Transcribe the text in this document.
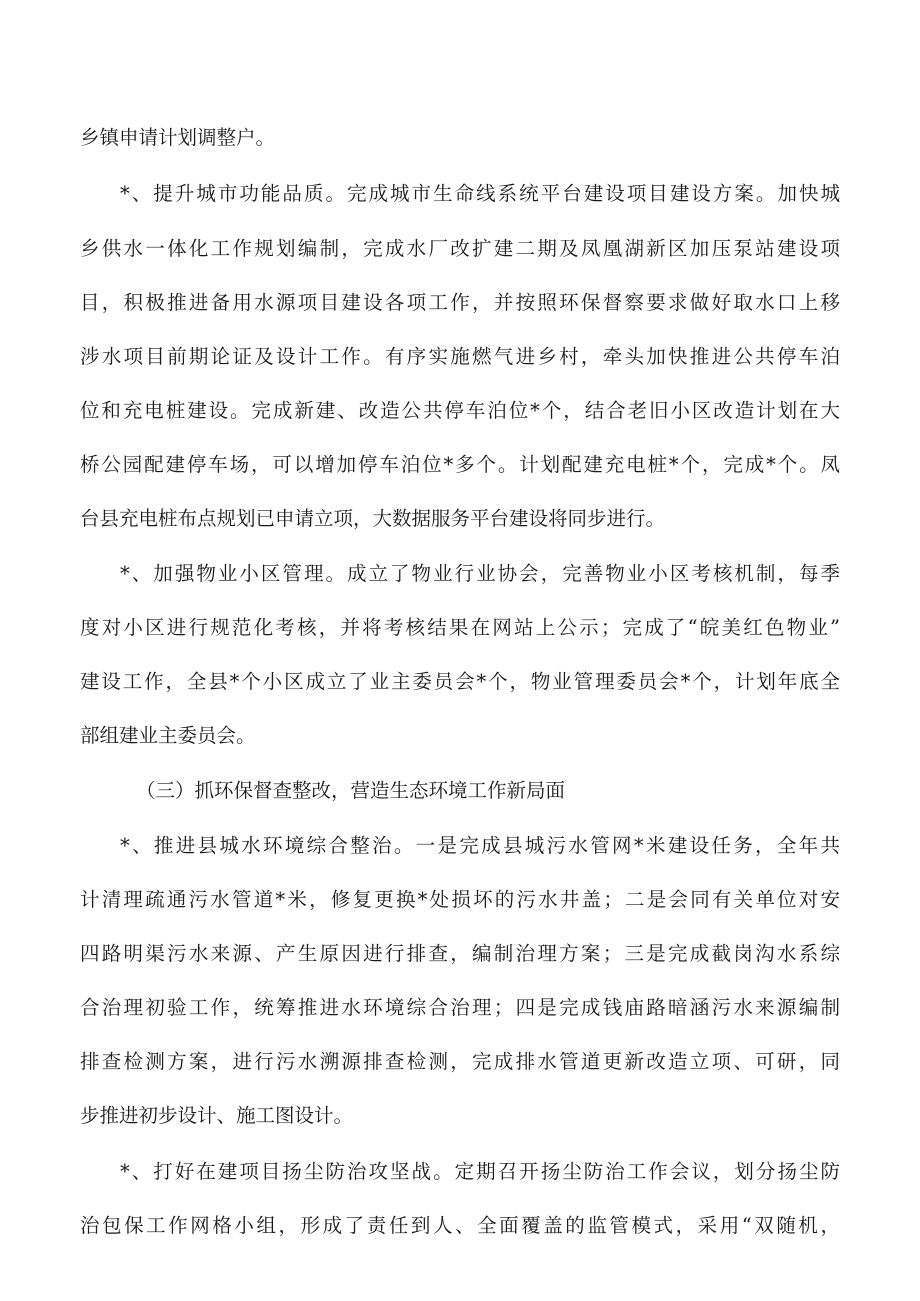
乡镇申请计划调整户。
*、提升城市功能品质。完成城市生命线系统平台建设项目建设方案。加快城
乡供水一体化工作规划编制，完成水厂改扩建二期及凤凰湖新区加压泵站建设项
目，积极推进备用水源项目建设各项工作，并按照环保督察要求做好取水口上移
涉水项目前期论证及设计工作。有序实施燃气进乡村，牵头加快推进公共停车泊
位和充电桩建设。完成新建、改造公共停车泊位*个，结合老旧小区改造计划在大
桥公园配建停车场，可以增加停车泊位*多个。计划配建充电桩*个，完成*个。凤
台县充电桩布点规划已申请立项，大数据服务平台建设将同步进行。
*、加强物业小区管理。成立了物业行业协会，完善物业小区考核机制，每季
度对小区进行规范化考核，并将考核结果在网站上公示；完成了“皖美红色物业”
建设工作，全县*个小区成立了业主委员会*个，物业管理委员会*个，计划年底全
部组建业主委员会。
（三）抓环保督查整改，营造生态环境工作新局面
*、推进县城水环境综合整治。一是完成县城污水管网*米建设任务，全年共
计清理疏通污水管道*米，修复更换*处损坏的污水井盖；二是会同有关单位对安
四路明渠污水来源、产生原因进行排查，编制治理方案；三是完成截岗沟水系综
合治理初验工作，统筹推进水环境综合治理；四是完成钱庙路暗涵污水来源编制
排查检测方案，进行污水溯源排查检测，完成排水管道更新改造立项、可研，同
步推进初步设计、施工图设计。
*、打好在建项目扬尘防治攻坚战。定期召开扬尘防治工作会议，划分扬尘防
治包保工作网格小组，形成了责任到人、全面覆盖的监管模式，采用“双随机，
